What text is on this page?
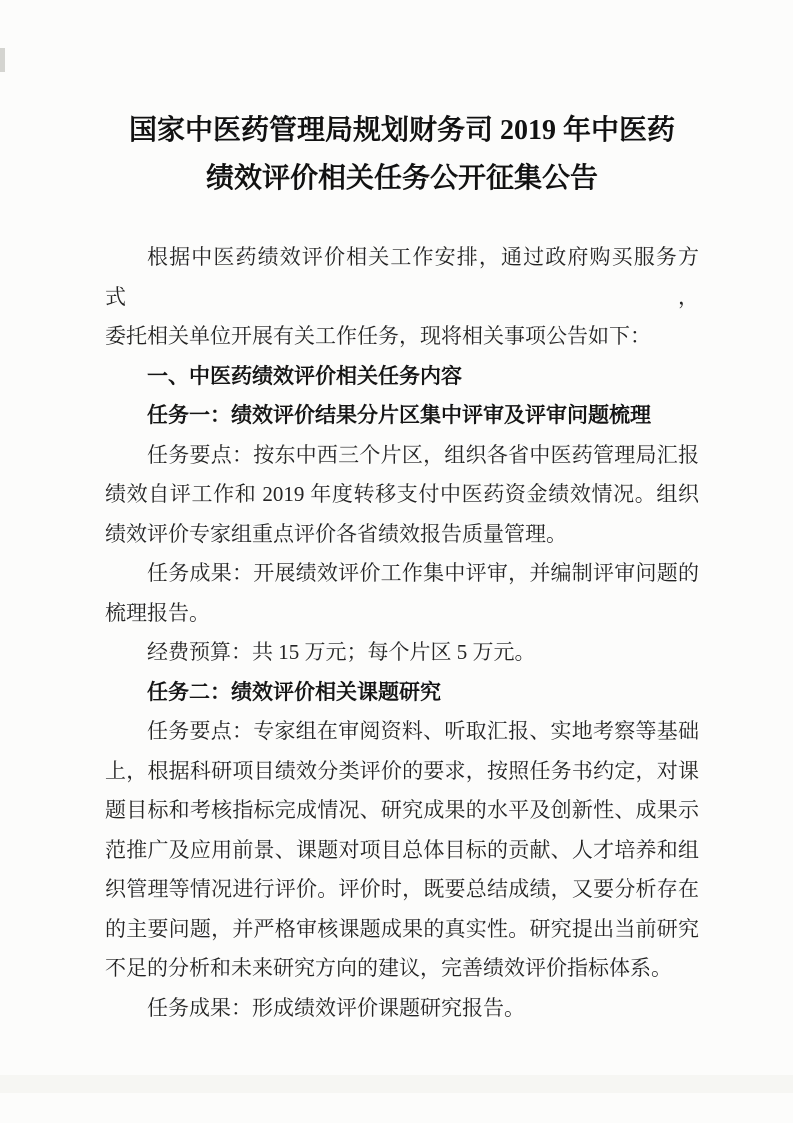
国家中医药管理局规划财务司 2019 年中医药
绩效评价相关任务公开征集公告
根据中医药绩效评价相关工作安排，通过政府购买服务方式，
委托相关单位开展有关工作任务，现将相关事项公告如下：
一、中医药绩效评价相关任务内容
任务一：绩效评价结果分片区集中评审及评审问题梳理
任务要点：按东中西三个片区，组织各省中医药管理局汇报
绩效自评工作和 2019 年度转移支付中医药资金绩效情况。组织
绩效评价专家组重点评价各省绩效报告质量管理。
任务成果：开展绩效评价工作集中评审，并编制评审问题的
梳理报告。
经费预算：共 15 万元；每个片区 5 万元。
任务二：绩效评价相关课题研究
任务要点：专家组在审阅资料、听取汇报、实地考察等基础
上，根据科研项目绩效分类评价的要求，按照任务书约定，对课
题目标和考核指标完成情况、研究成果的水平及创新性、成果示
范推广及应用前景、课题对项目总体目标的贡献、人才培养和组
织管理等情况进行评价。评价时，既要总结成绩，又要分析存在
的主要问题，并严格审核课题成果的真实性。研究提出当前研究
不足的分析和未来研究方向的建议，完善绩效评价指标体系。
任务成果：形成绩效评价课题研究报告。
